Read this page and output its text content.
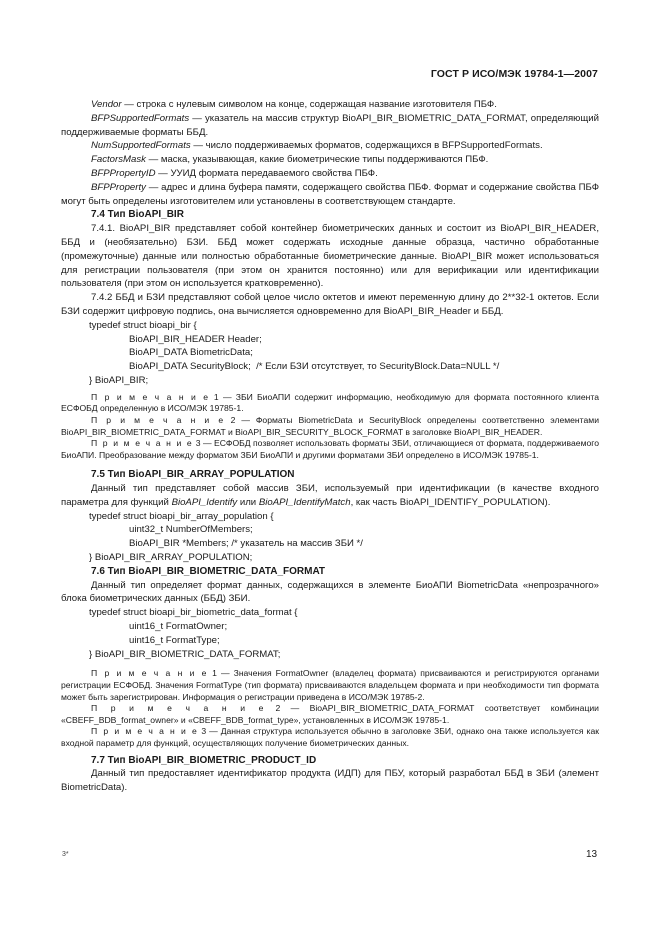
ГОСТ Р ИСО/МЭК 19784-1—2007

Vendor — строка с нулевым символом на конце, содержащая название изготовителя ПБФ.

BFPSupportedFormats — указатель на массив структур BioAPI_BIR_BIOMETRIC_DATA_FORMAT, определяющий поддерживаемые форматы ББД.

NumSupportedFormats — число поддерживаемых форматов, содержащихся в BFPSupportedFormats.

FactorsMask — маска, указывающая, какие биометрические типы поддерживаются ПБФ.

BFPPropertyID — УУИД формата передаваемого свойства ПБФ.

BFPProperty — адрес и длина буфера памяти, содержащего свойства ПБФ. Формат и содержание свойства ПБФ могут быть определены изготовителем или установлены в соответствующем стандарте.

7.4 Тип BioAPI_BIR

7.4.1. BioAPI_BIR представляет собой контейнер биометрических данных и состоит из BioAPI_BIR_HEADER, ББД и (необязательно) БЗИ. ББД может содержать исходные данные образца, частично обработанные (промежуточные) данные или полностью обработанные биометрические данные. BioAPI_BIR может использоваться для регистрации пользователя (при этом он хранится постоянно) или для верификации или идентификации пользователя (при этом он используется кратковременно).

7.4.2 ББД и БЗИ представляют собой целое число октетов и имеют переменную длину до 2**32-1 октетов. Если БЗИ содержит цифровую подпись, она вычисляется одновременно для BioAPI_BIR_Header и ББД.

typedef struct bioapi_bir {

BioAPI_BIR_HEADER Header;

BioAPI_DATA BiometricData;

BioAPI_DATA SecurityBlock;  /* Если БЗИ отсутствует, то SecurityBlock.Data=NULL */

} BioAPI_BIR;

П р и м е ч а н и е 1 — ЗБИ БиоАПИ содержит информацию, необходимую для формата постоянного клиента ЕСФОБД определенную в ИСО/МЭК 19785-1.

П р и м е ч а н и е 2 — Форматы BiometricData и SecurityBlock определены соответственно элементами BioAPI_BIR_BIOMETRIC_DATA_FORMAT и BioAPI_BIR_SECURITY_BLOCK_FORMAT в заголовке BioAPI_BIR_HEADER.

П р и м е ч а н и е 3 — ЕСФОБД позволяет использовать форматы ЗБИ, отличающиеся от формата, поддерживаемого БиоАПИ. Преобразование между форматом ЗБИ БиоАПИ и другими форматами ЗБИ определено в ИСО/МЭК 19785-1.

7.5 Тип BioAPI_BIR_ARRAY_POPULATION

Данный тип представляет собой массив ЗБИ, используемый при идентификации (в качестве входного параметра для функций BioAPI_Identify или BioAPI_IdentifyMatch, как часть BioAPI_IDENTIFY_POPULATION).

typedef struct bioapi_bir_array_population {

uint32_t NumberOfMembers;

BioAPI_BIR *Members; /* указатель на массив ЗБИ */

} BioAPI_BIR_ARRAY_POPULATION;

7.6 Тип BioAPI_BIR_BIOMETRIC_DATA_FORMAT

Данный тип определяет формат данных, содержащихся в элементе БиоАПИ BiometricData «непрозрачного» блока биометрических данных (ББД) ЗБИ.

typedef struct bioapi_bir_biometric_data_format {

uint16_t FormatOwner;

uint16_t FormatType;

} BioAPI_BIR_BIOMETRIC_DATA_FORMAT;

П р и м е ч а н и е 1 — Значения FormatOwner (владелец формата) присваиваются и регистрируются органами регистрации ЕСФОБД. Значения FormatType (тип формата) присваиваются владельцем формата и при необходимости тип формата может быть зарегистрирован. Информация о регистрации приведена в ИСО/МЭК 19785-2.

П р и м е ч а н и е 2 — BioAPI_BIR_BIOMETRIC_DATA_FORMAT соответствует комбинации «CBEFF_BDB_format_owner» и «CBEFF_BDB_format_type», установленных в ИСО/МЭК 19785-1.

П р и м е ч а н и е 3 — Данная структура используется обычно в заголовке ЗБИ, однако она также используется как входной параметр для функций, осуществляющих получение биометрических данных.

7.7 Тип BioAPI_BIR_BIOMETRIC_PRODUCT_ID

Данный тип предоставляет идентификатор продукта (ИДП) для ПБУ, который разработал ББД в ЗБИ (элемент BiometricData).

3*	13
